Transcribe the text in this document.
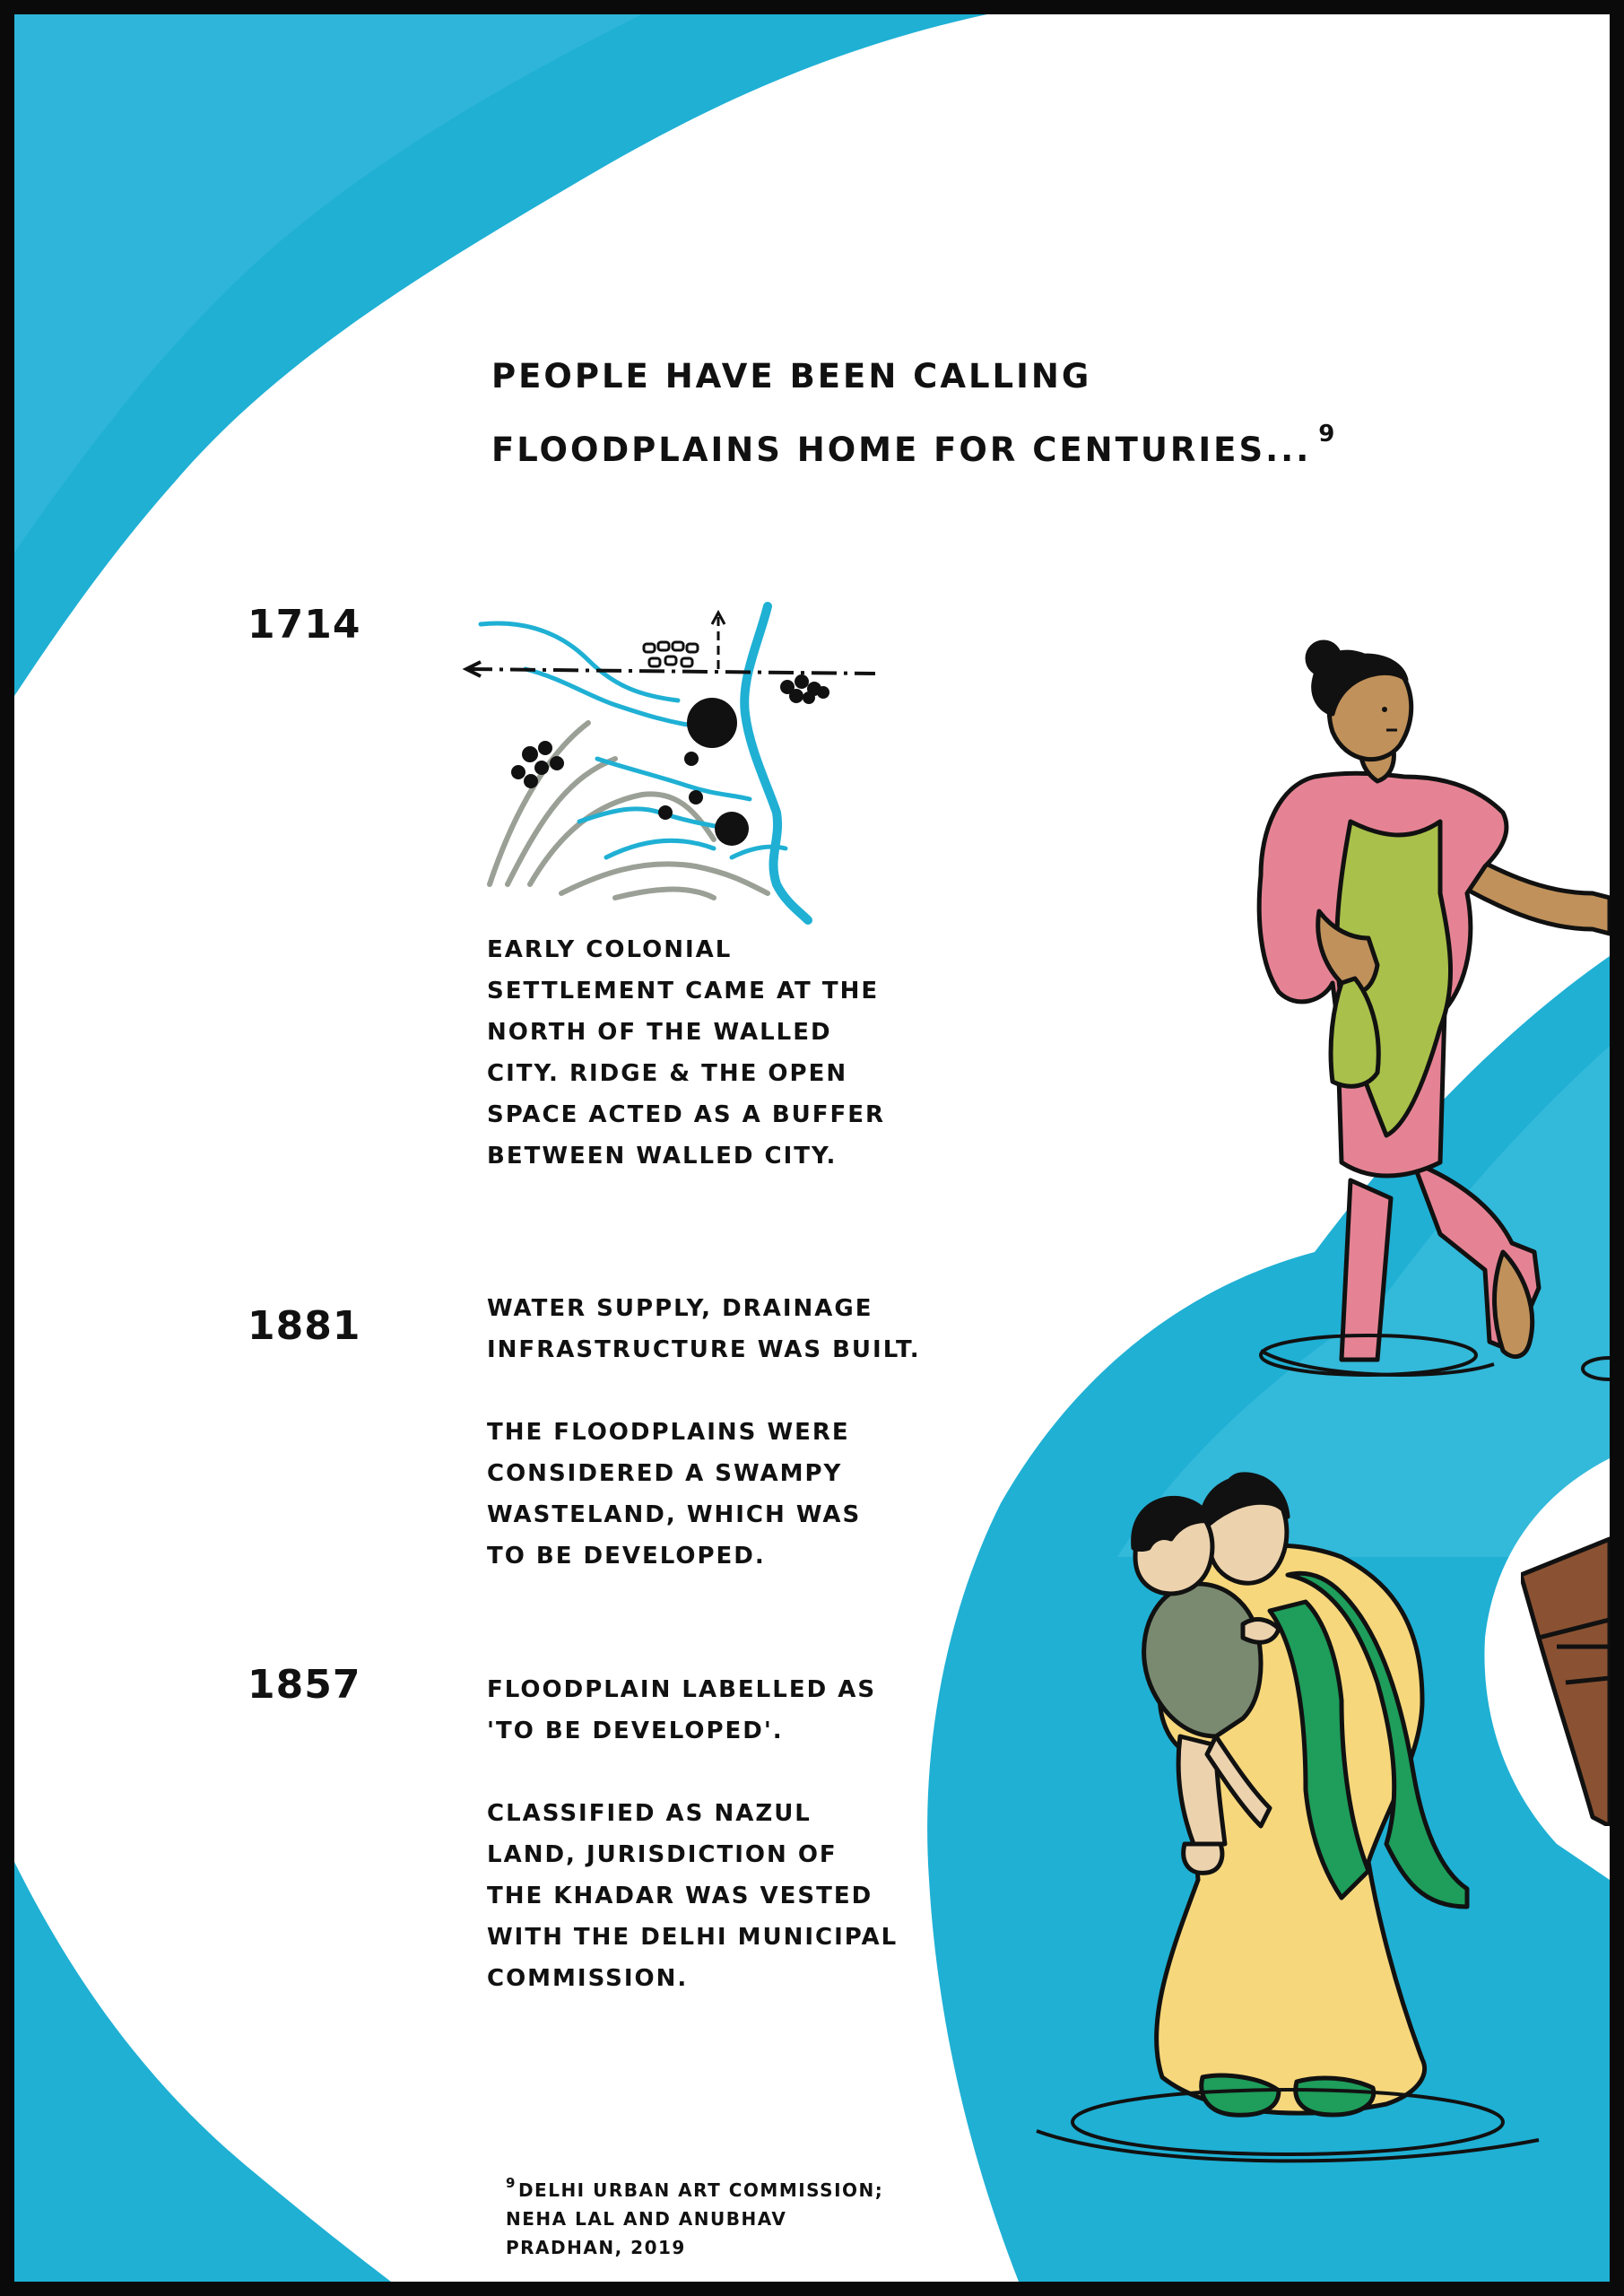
PEOPLE HAVE BEEN CALLING
FLOODPLAINS HOME FOR CENTURIES... $^9$
1714
EARLY COLONIAL
SETTLEMENT CAME AT THE
NORTH OF THE WALLED
CITY. RIDGE & THE OPEN
SPACE ACTED AS A BUFFER
BETWEEN WALLED CITY.
1881	WATER SUPPLY, DRAINAGE
INFRASTRUCTURE WAS BUILT.

THE FLOODPLAINS WERE
CONSIDERED A SWAMPY
WASTELAND, WHICH WAS
TO BE DEVELOPED.
1857	FLOODPLAIN LABELLED AS
'TO BE DEVELOPED'.

CLASSIFIED AS NAZUL
LAND, JURISDICTION OF
THE KHADAR WAS VESTED
WITH THE DELHI MUNICIPAL
COMMISSION.
$^9$ DELHI URBAN ART COMMISSION;
NEHA LAL AND ANUBHAV
PRADHAN, 2019
